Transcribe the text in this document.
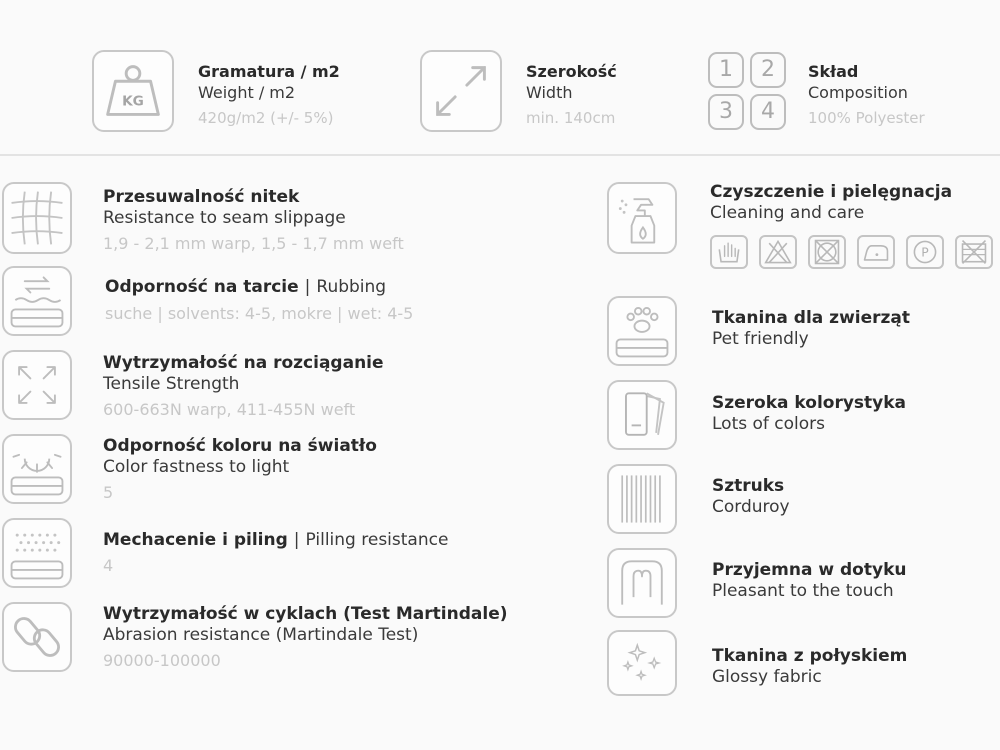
KG
Gramatura / m2
Weight / m2
420g/m2 (+/- 5%)
Szerokość
Width
min. 140cm
1	2
3	4
Skład
Composition
100% Polyester
Przesuwalność nitek
Resistance to seam slippage
1,9 - 2,1 mm warp, 1,5 - 1,7 mm weft
Odporność na tarcie | Rubbing
suche | solvents: 4-5, mokre | wet: 4-5
Wytrzymałość na rozciąganie
Tensile Strength
600-663N warp, 411-455N weft
Odporność koloru na światło
Color fastness to light
5
Mechacenie i piling | Pilling resistance
4
Wytrzymałość w cyklach (Test Martindale)
Abrasion resistance (Martindale Test)
90000-100000
Czyszczenie i pielęgnacja
Cleaning and care
P
Tkanina dla zwierząt
Pet friendly
Szeroka kolorystyka
Lots of colors
Sztruks
Corduroy
Przyjemna w dotyku
Pleasant to the touch
Tkanina z połyskiem
Glossy fabric
